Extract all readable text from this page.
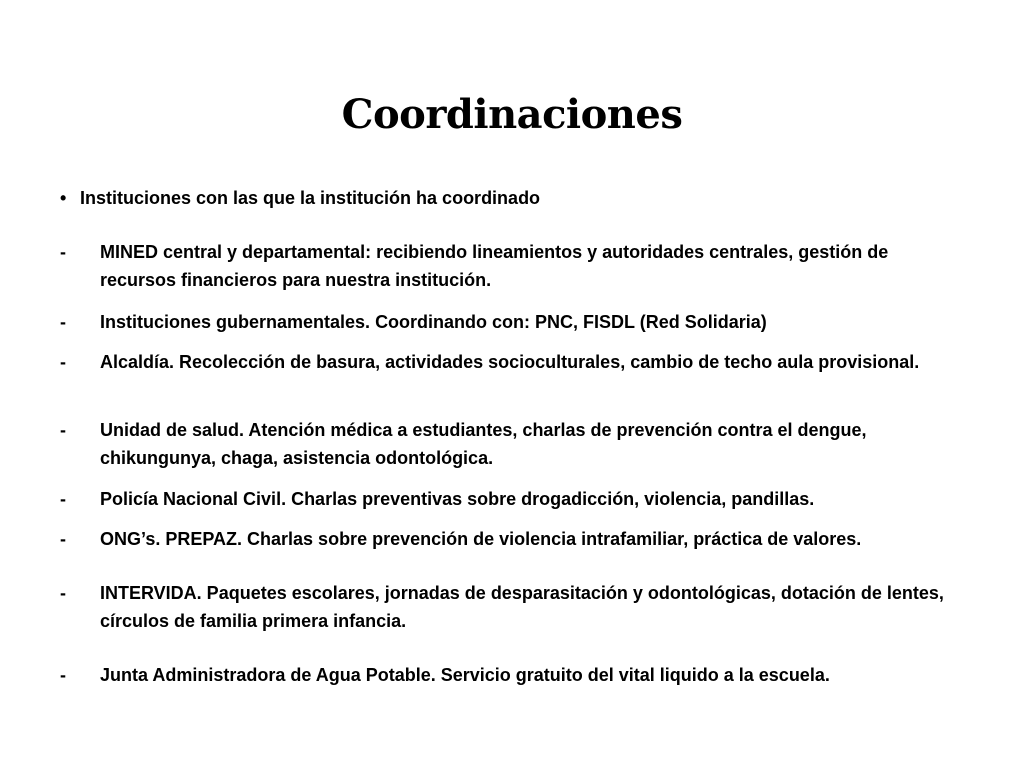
Coordinaciones
• Instituciones con las que la institución ha coordinado
-	MINED central y departamental: recibiendo lineamientos y autoridades centrales, gestión de recursos financieros para nuestra institución.
-	Instituciones gubernamentales. Coordinando con: PNC, FISDL (Red Solidaria)
-	Alcaldía. Recolección de basura, actividades socioculturales, cambio de techo aula provisional.
-	Unidad de salud. Atención médica a estudiantes, charlas de prevención contra el dengue, chikungunya, chaga, asistencia odontológica.
-	Policía Nacional Civil. Charlas preventivas sobre drogadicción, violencia, pandillas.
-	ONG’s. PREPAZ. Charlas sobre prevención de violencia intrafamiliar, práctica de valores.
-	INTERVIDA. Paquetes escolares, jornadas de desparasitación y odontológicas, dotación de lentes, círculos de familia primera infancia.
-	Junta Administradora de Agua Potable. Servicio gratuito del vital liquido a la escuela.
